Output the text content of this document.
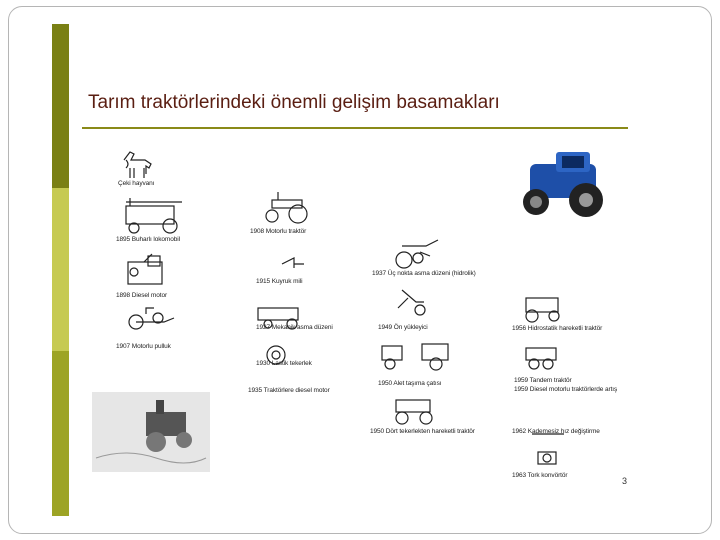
Tarım traktörlerindeki önemli gelişim basamakları
Çeki hayvanı
1895 Buharlı lokomobil
1898 Diesel motor
1907 Motorlu pulluk
1908 Motorlu traktör
1915 Kuyruk mili
1927 Mekanik asma düzeni
1930 Lastik tekerlek
1935 Traktörlere diesel motor
1937 Üç nokta asma düzeni (hidrolik)
1949 Ön yükleyici
1950 Alet taşıma çatısı
1950 Dört tekerlekten hareketli traktör
1956 Hidrostatik hareketli traktör
1959 Tandem traktör
1959 Diesel motorlu traktörlerde artış
1962 Kademesiz hız değiştirme
1963 Tork konvörtör
3
